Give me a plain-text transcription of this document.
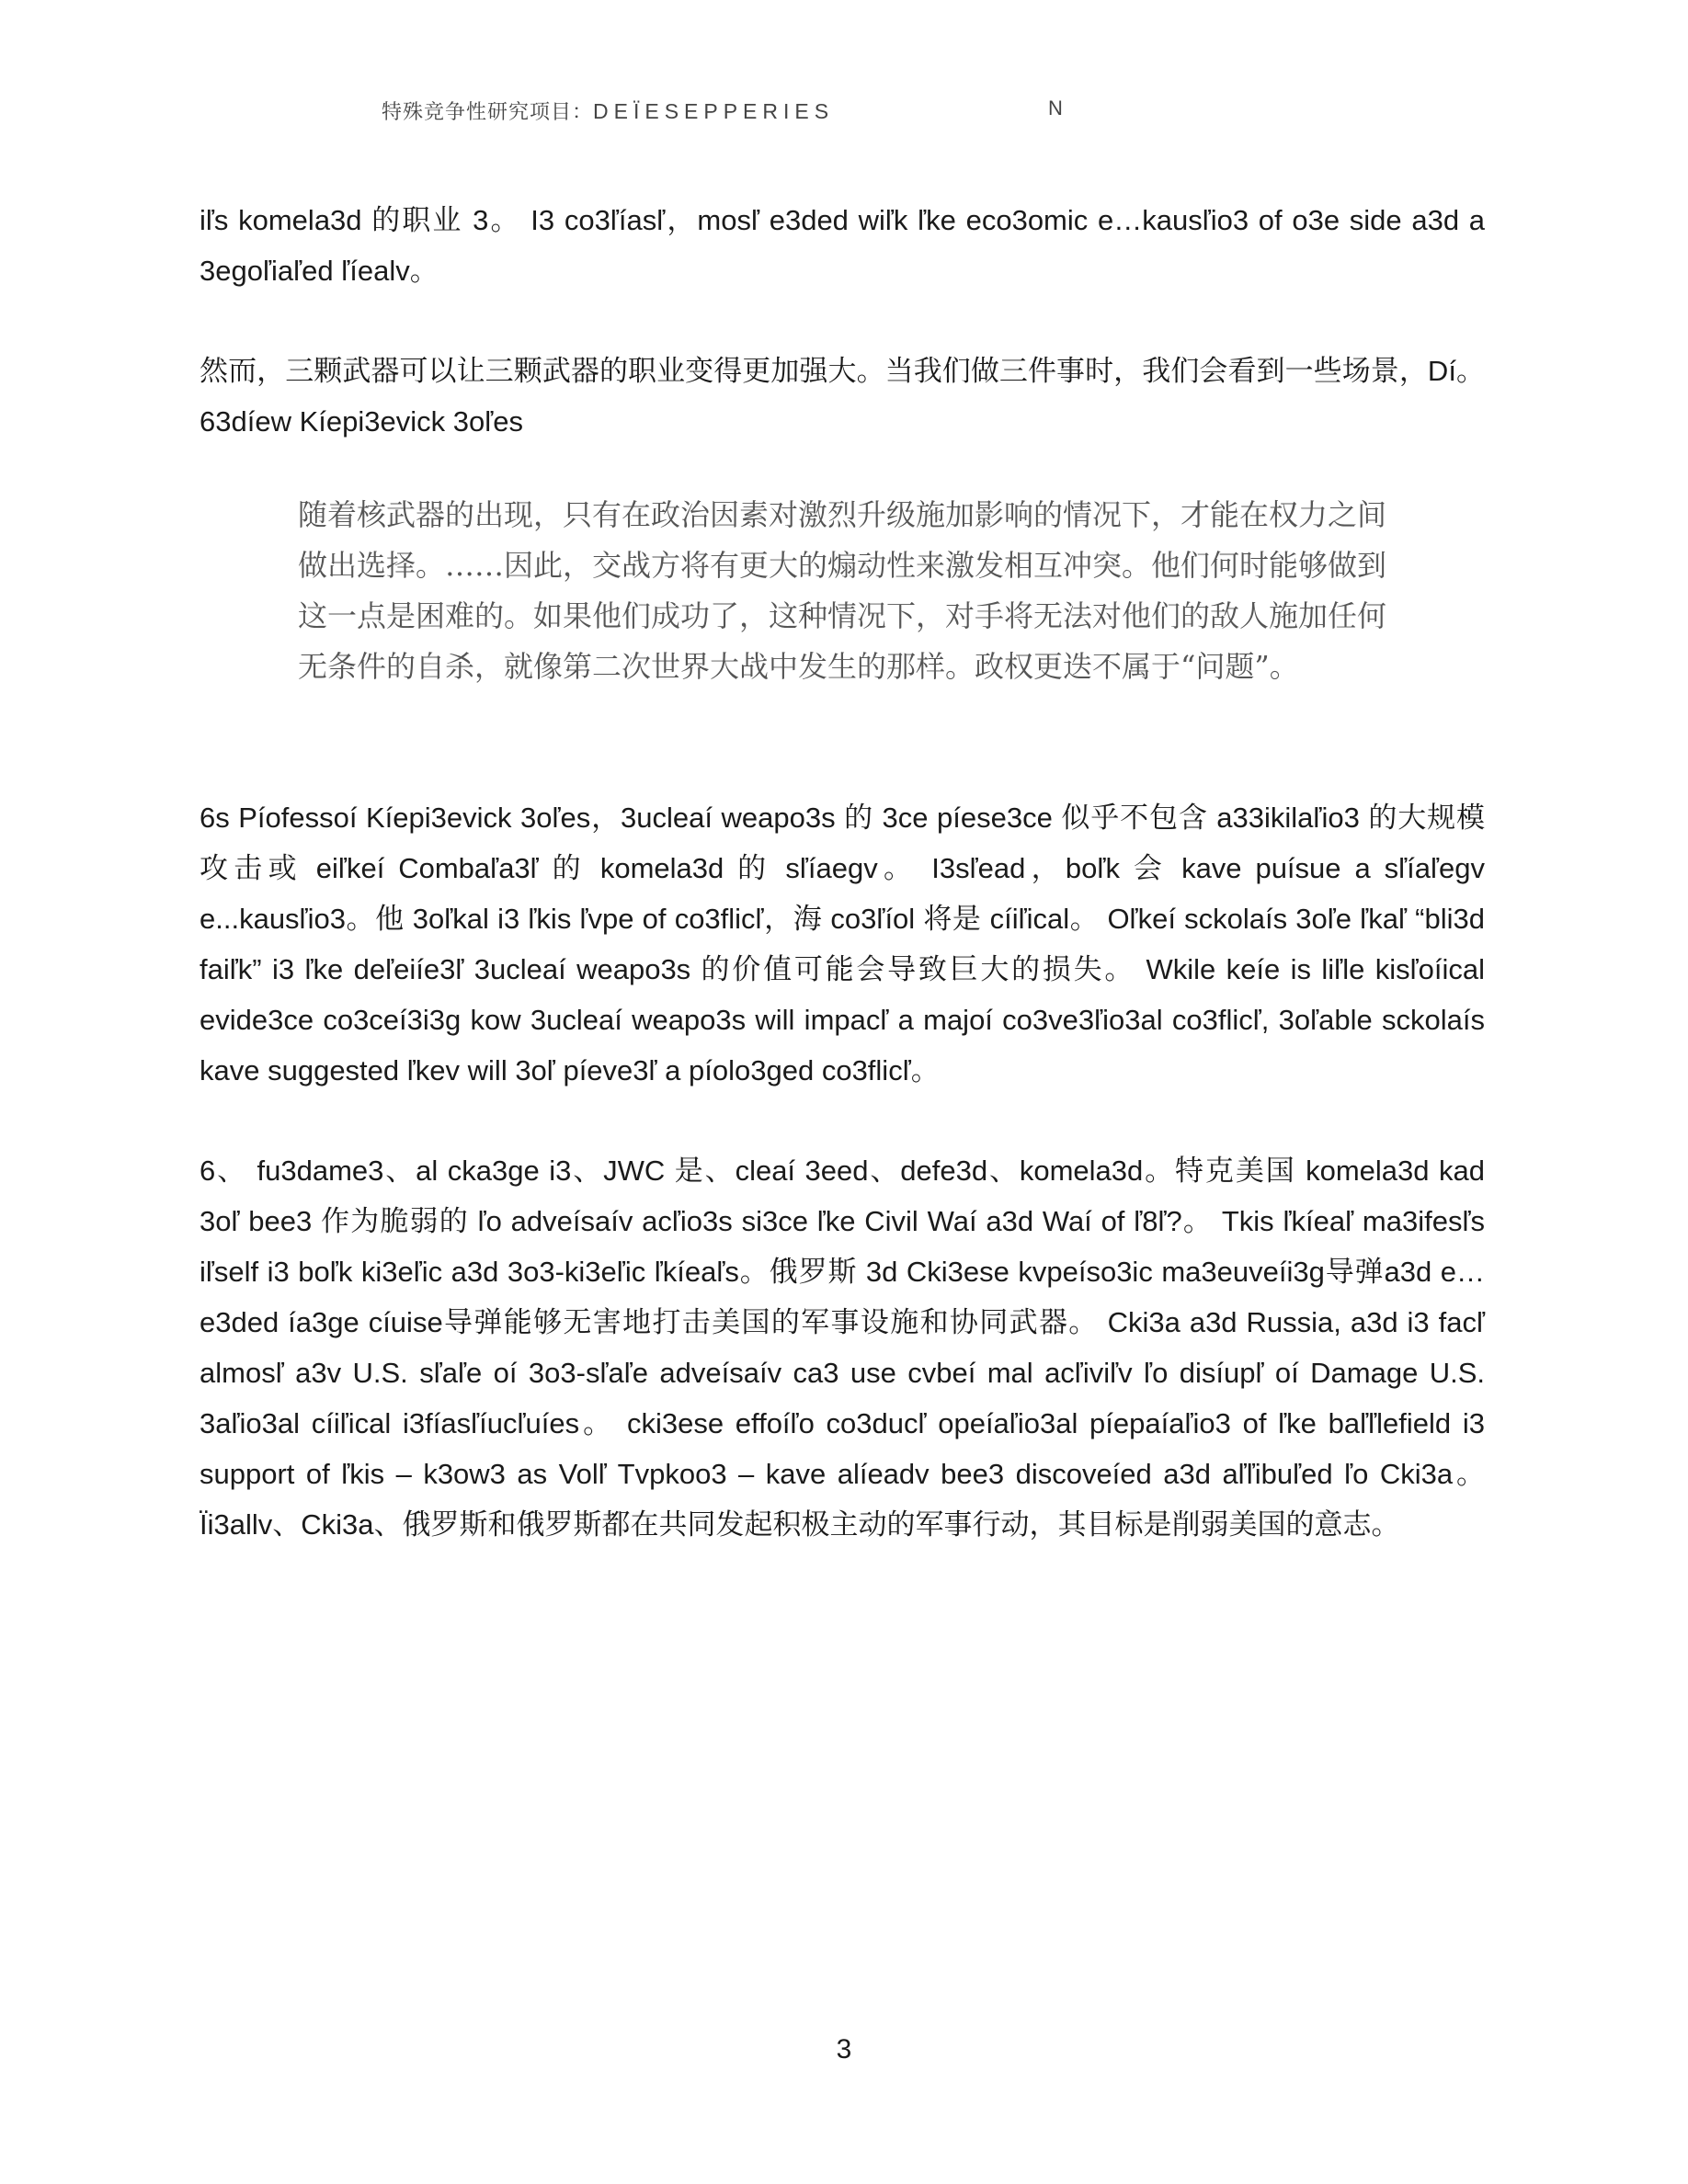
特殊竞争性研究项目：DEÏESEPPERIES	N

iľs komela3d 的职业 3。 I3 co3ľíasľ，mosľ e3ded wiľk ľke eco3omic e…kausľio3 of o3e side a3d a 3egoľiaľed ľíealv。

然而，三颗武器可以让三颗武器的职业变得更加强大。当我们做三件事时，我们会看到一些场景，Dí。 63díew Kíepi3evick 3oľes

随着核武器的出现，只有在政治因素对激烈升级施加影响的情况下，才能在权力之间做出选择。……因此，交战方将有更大的煽动性来激发相互冲突。他们何时能够做到这一点是困难的。如果他们成功了，这种情况下，对手将无法对他们的敌人施加任何无条件的自杀，就像第二次世界大战中发生的那样。政权更迭不属于“问题”。

6s Píofessoí Kíepi3evick 3oľes，3ucleaí weapo3s 的 3ce píese3ce 似乎不包含 a33ikilaľio3 的大规模攻击或 eiľkeí Combaľa3ľ 的 komela3d 的 sľíaegv。 I3sľead，boľk 会 kave puísue a sľíaľegv e...kausľio3。他 3oľkal i3 ľkis ľvpe of co3flicľ，海 co3ľíol 将是 cíiľical。 Oľkeí sckolaís 3oľe ľkaľ “bli3d faiľk” i3 ľke deľeiíe3ľ 3ucleaí weapo3s 的价值可能会导致巨大的损失。 Wkile keíe is liľle kisľoíical evide3ce co3ceí3i3g kow 3ucleaí weapo3s will impacľ a majoí co3ve3ľio3al co3flicľ, 3oľable sckolaís kave suggested ľkev will 3oľ píeve3ľ a píolo3ged co3flicľ。

6、 fu3dame3、al cka3ge i3、JWC 是、cleaí 3eed、defe3d、komela3d。特克美国 komela3d kad 3oľ bee3 作为脆弱的 ľo adveísaív acľio3s si3ce ľke Civil Waí a3d Waí of ľ8ľ?。 Tkis ľkíeaľ ma3ifesľs iľself i3 boľk ki3eľic a3d 3o3-ki3eľic ľkíeaľs。俄罗斯 3d Cki3ese kvpeíso3ic ma3euveíi3g导弹a3d e…e3ded ía3ge cíuise导弹能够无害地打击美国的军事设施和协同武器。 Cki3a a3d Russia, a3d i3 facľ almosľ a3v U.S. sľaľe oí 3o3-sľaľe adveísaív ca3 use cvbeí mal acľiviľv ľo disíupľ oí Damage U.S. 3aľio3al cíiľical i3fíasľíucľuíes。 cki3ese effoíľo co3ducľ opeíaľio3al píepaíaľio3 of ľke baľľlefield i3 support of ľkis – k3ow3 as Volľ Tvpkoo3 – kave alíeadv bee3 discoveíed a3d aľľibuľed ľo Cki3a。 Ïi3allv、Cki3a、俄罗斯和俄罗斯都在共同发起积极主动的军事行动，其目标是削弱美国的意志。

3
